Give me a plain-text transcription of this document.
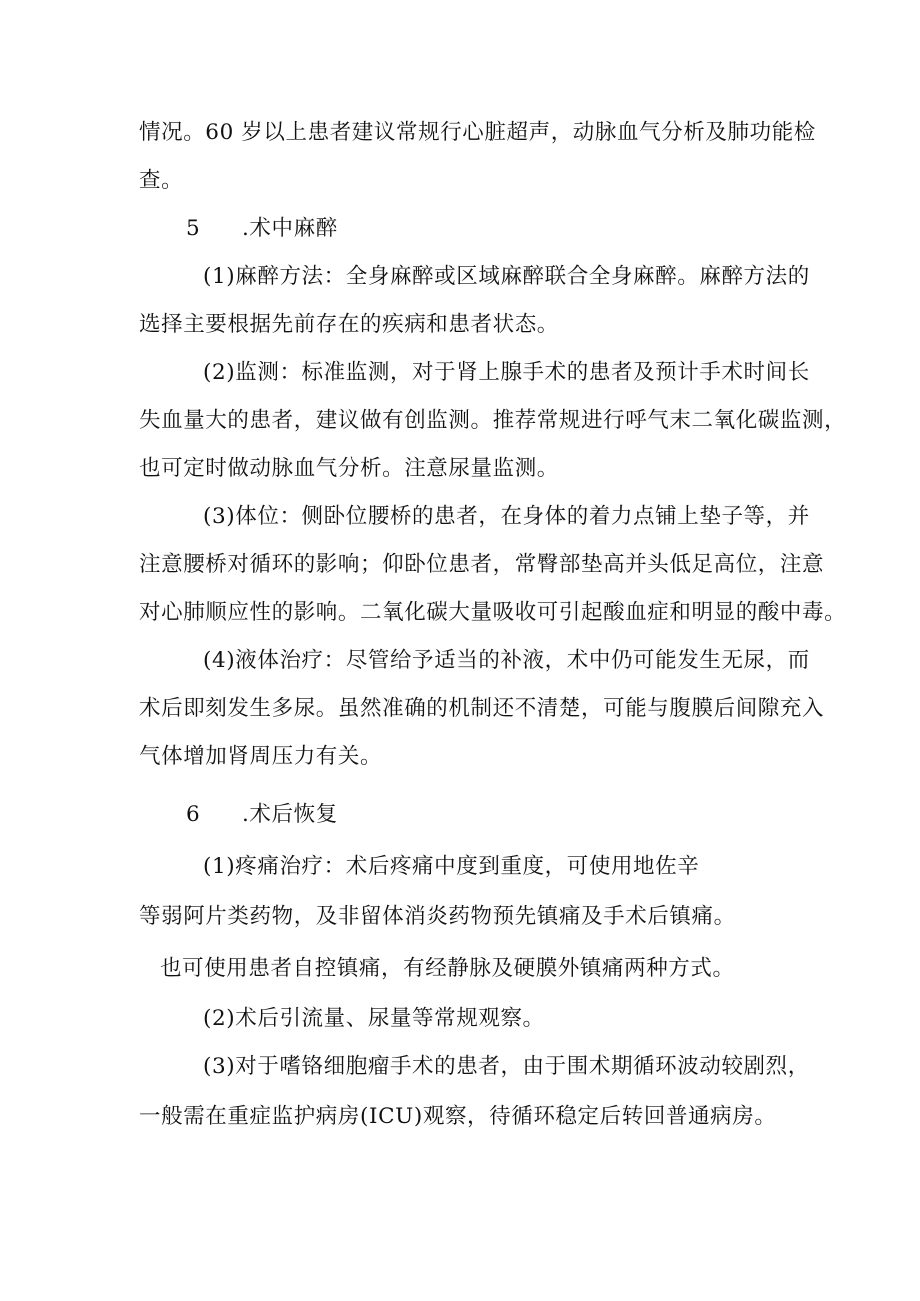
情况。60 岁以上患者建议常规行心脏超声，动脉血气分析及肺功能检
查。
5 .术中麻醉
(1)麻醉方法：全身麻醉或区域麻醉联合全身麻醉。麻醉方法的
选择主要根据先前存在的疾病和患者状态。
(2)监测：标准监测，对于肾上腺手术的患者及预计手术时间长
失血量大的患者，建议做有创监测。推荐常规进行呼气末二氧化碳监测，
也可定时做动脉血气分析。注意尿量监测。
(3)体位：侧卧位腰桥的患者，在身体的着力点铺上垫子等，并
注意腰桥对循环的影响；仰卧位患者，常臀部垫高并头低足高位，注意
对心肺顺应性的影响。二氧化碳大量吸收可引起酸血症和明显的酸中毒。
(4)液体治疗：尽管给予适当的补液，术中仍可能发生无尿，而
术后即刻发生多尿。虽然准确的机制还不清楚，可能与腹膜后间隙充入
气体增加肾周压力有关。
6 .术后恢复
(1)疼痛治疗：术后疼痛中度到重度，可使用地佐辛
等弱阿片类药物，及非留体消炎药物预先镇痛及手术后镇痛。
也可使用患者自控镇痛，有经静脉及硬膜外镇痛两种方式。
(2)术后引流量、尿量等常规观察。
(3)对于嗜铬细胞瘤手术的患者，由于围术期循环波动较剧烈，
一般需在重症监护病房(ICU)观察，待循环稳定后转回普通病房。
